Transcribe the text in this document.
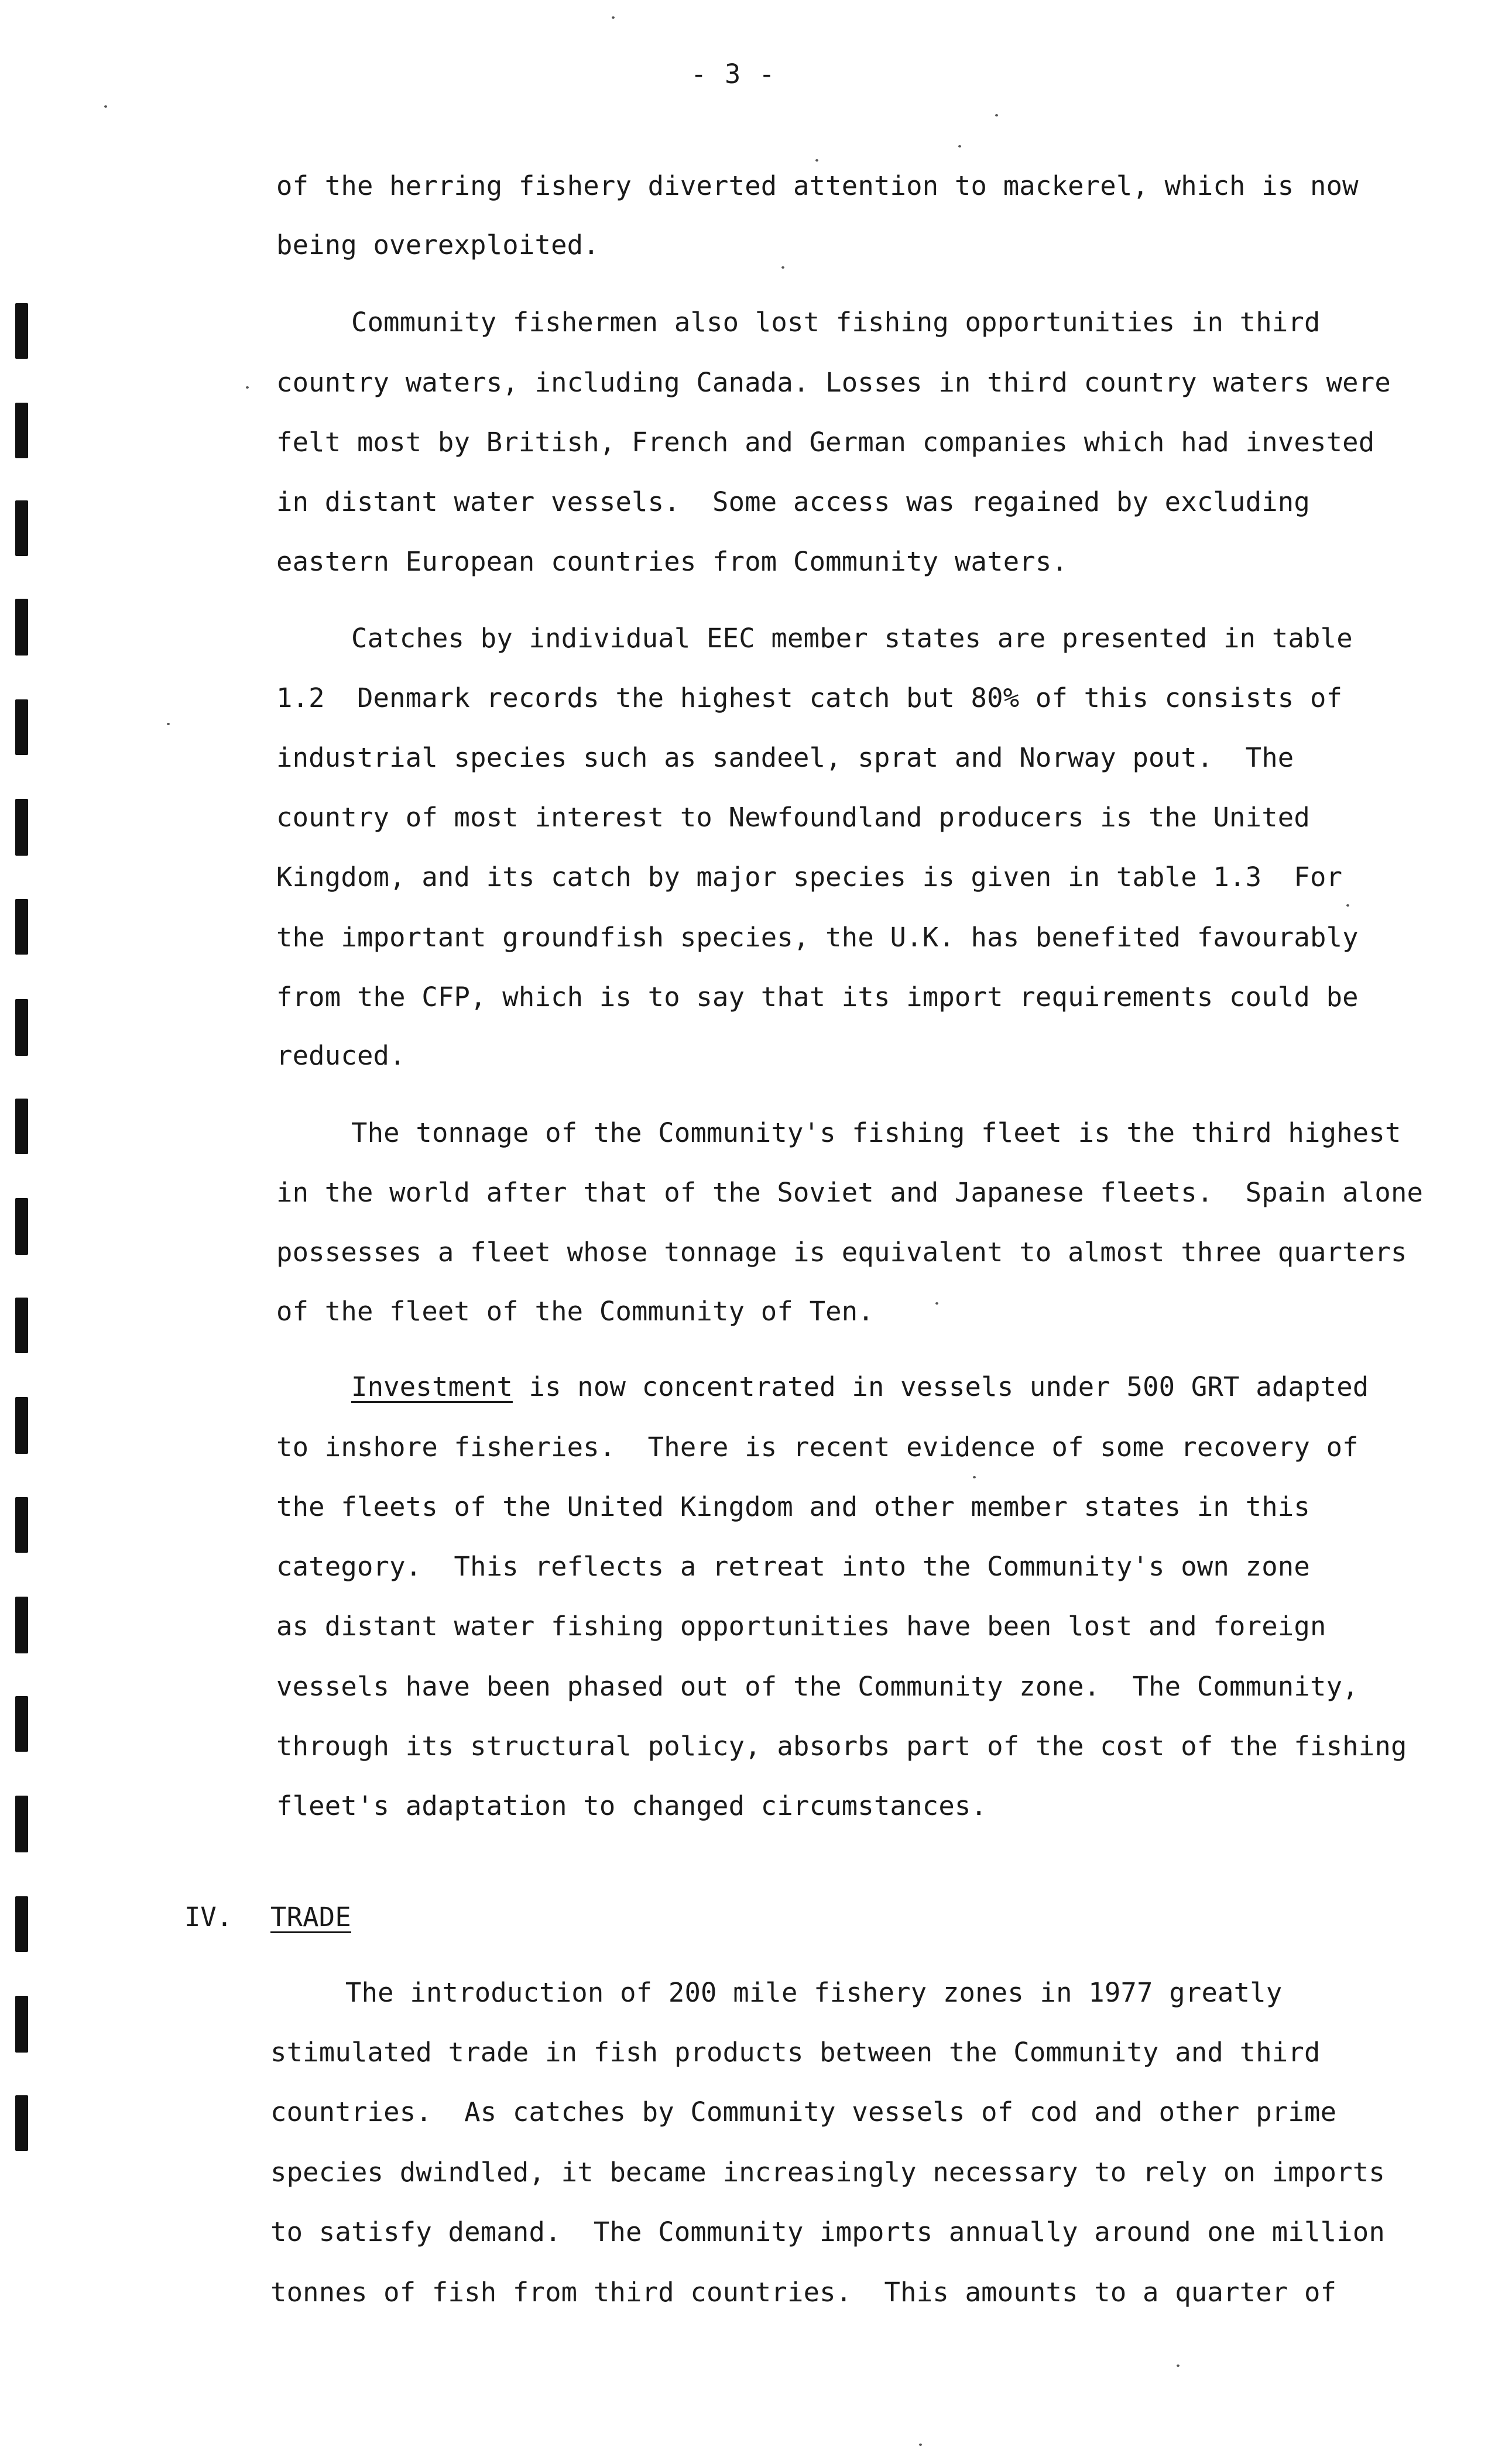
- 3 -
of the herring fishery diverted attention to mackerel, which is now
being overexploited.
Community fishermen also lost fishing opportunities in third
country waters, including Canada. Losses in third country waters were
felt most by British, French and German companies which had invested
in distant water vessels.  Some access was regained by excluding
eastern European countries from Community waters.
Catches by individual EEC member states are presented in table
1.2  Denmark records the highest catch but 80% of this consists of
industrial species such as sandeel, sprat and Norway pout.  The
country of most interest to Newfoundland producers is the United
Kingdom, and its catch by major species is given in table 1.3  For
the important groundfish species, the U.K. has benefited favourably
from the CFP, which is to say that its import requirements could be
reduced.
The tonnage of the Community's fishing fleet is the third highest
in the world after that of the Soviet and Japanese fleets.  Spain alone
possesses a fleet whose tonnage is equivalent to almost three quarters
of the fleet of the Community of Ten.
Investment is now concentrated in vessels under 500 GRT adapted
to inshore fisheries.  There is recent evidence of some recovery of
the fleets of the United Kingdom and other member states in this
category.  This reflects a retreat into the Community's own zone
as distant water fishing opportunities have been lost and foreign
vessels have been phased out of the Community zone.  The Community,
through its structural policy, absorbs part of the cost of the fishing
fleet's adaptation to changed circumstances.
IV. TRADE
The introduction of 200 mile fishery zones in 1977 greatly
stimulated trade in fish products between the Community and third
countries.  As catches by Community vessels of cod and other prime
species dwindled, it became increasingly necessary to rely on imports
to satisfy demand.  The Community imports annually around one million
tonnes of fish from third countries.  This amounts to a quarter of
